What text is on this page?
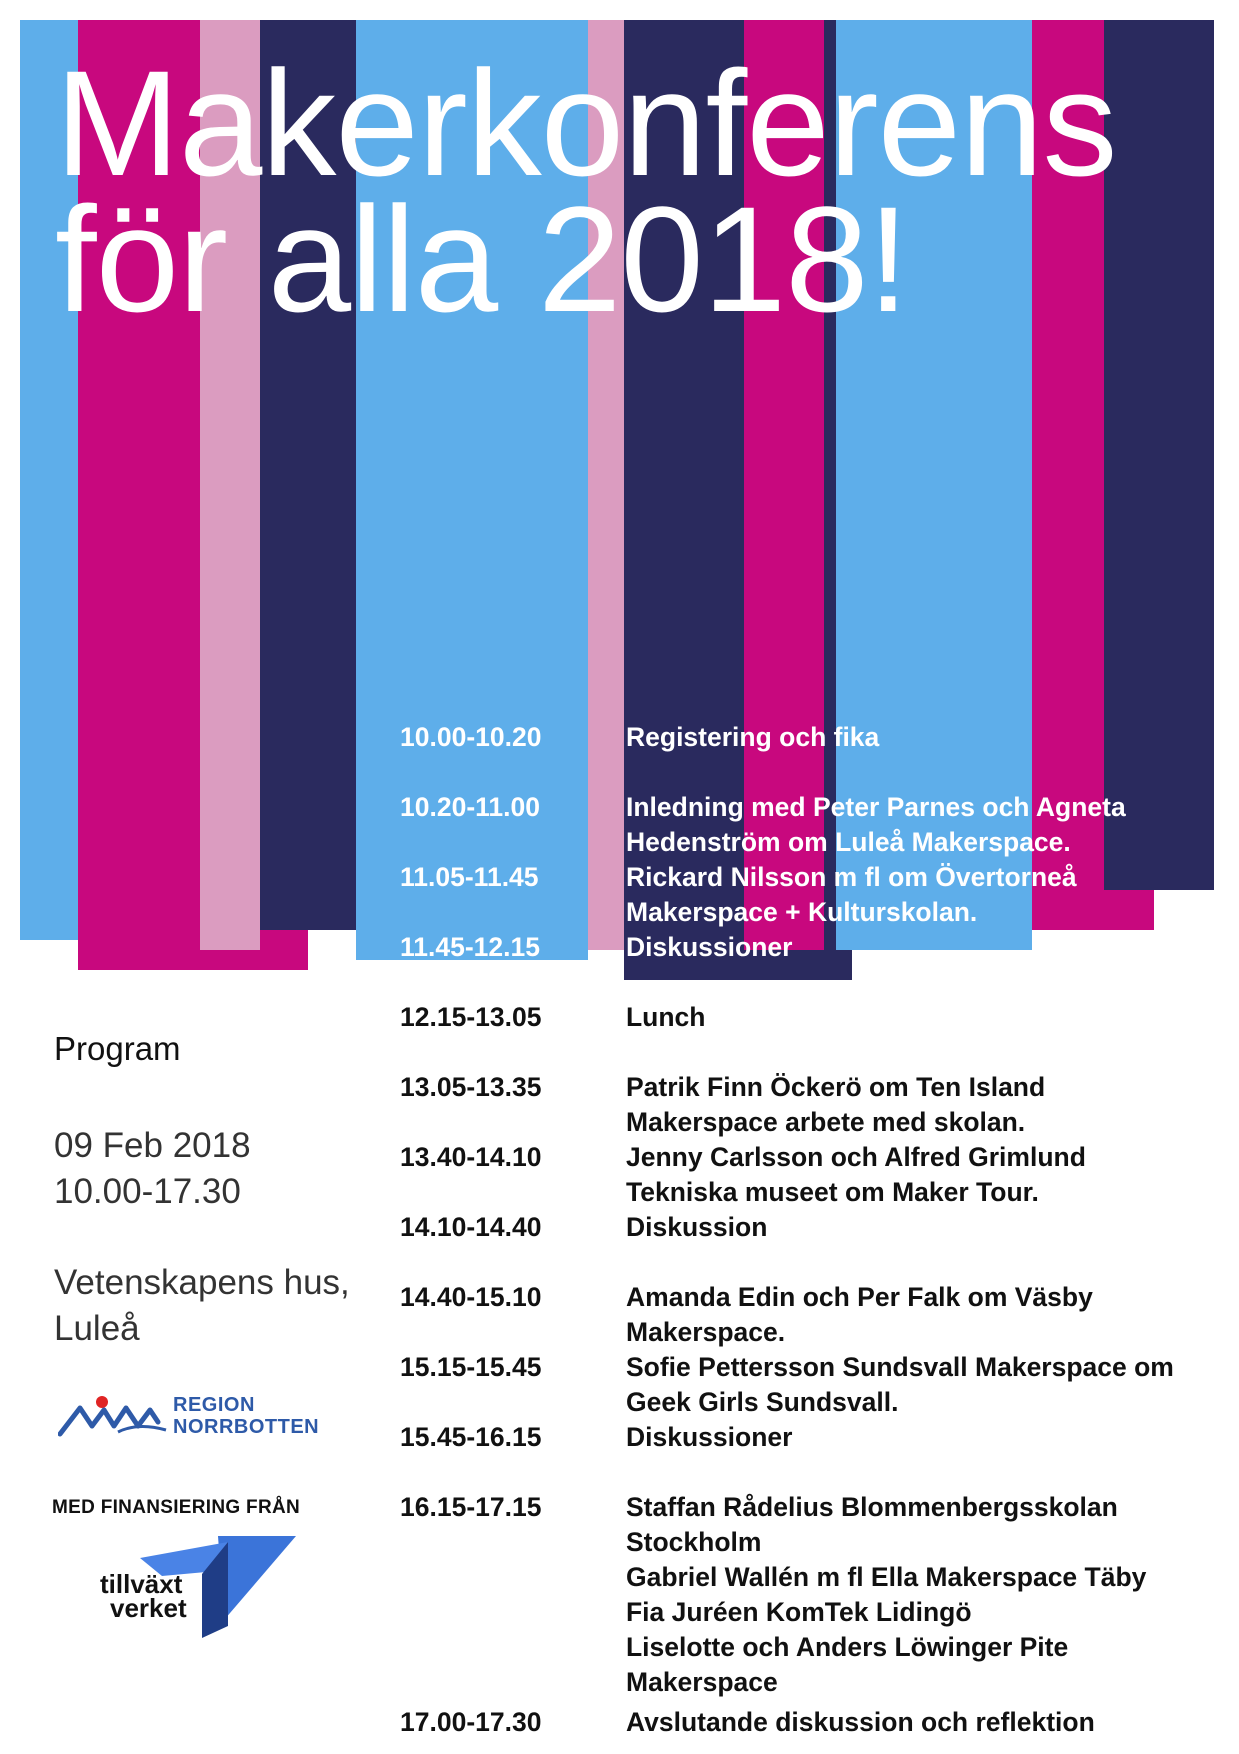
Makerkonferens
för alla 2018!
10.00-10.20	Registering och fika
10.20-11.00	Inledning med Peter Parnes och Agneta
Hedenström om Luleå Makerspace.
11.05-11.45	Rickard Nilsson m fl om Övertorneå
Makerspace + Kulturskolan.
11.45-12.15	Diskussioner
12.15-13.05	Lunch
13.05-13.35	Patrik Finn Öckerö om Ten Island
Makerspace arbete med skolan.
13.40-14.10	Jenny Carlsson och Alfred Grimlund
Tekniska museet om Maker Tour.
14.10-14.40	Diskussion
14.40-15.10	Amanda Edin och Per Falk om Väsby
Makerspace.
15.15-15.45	Sofie Pettersson Sundsvall Makerspace om
Geek Girls Sundsvall.
15.45-16.15	Diskussioner
16.15-17.15	Staffan Rådelius Blommenbergsskolan
Stockholm
Gabriel Wallén m fl Ella Makerspace Täby
Fia Juréen KomTek Lidingö
Liselotte och Anders Löwinger Pite
Makerspace
17.00-17.30	Avslutande diskussion och reflektion
Program
09 Feb 2018
10.00-17.30
Vetenskapens hus,
Luleå
REGION
NORRBOTTEN
MED FINANSIERING FRÅN
tillväxt
verket
